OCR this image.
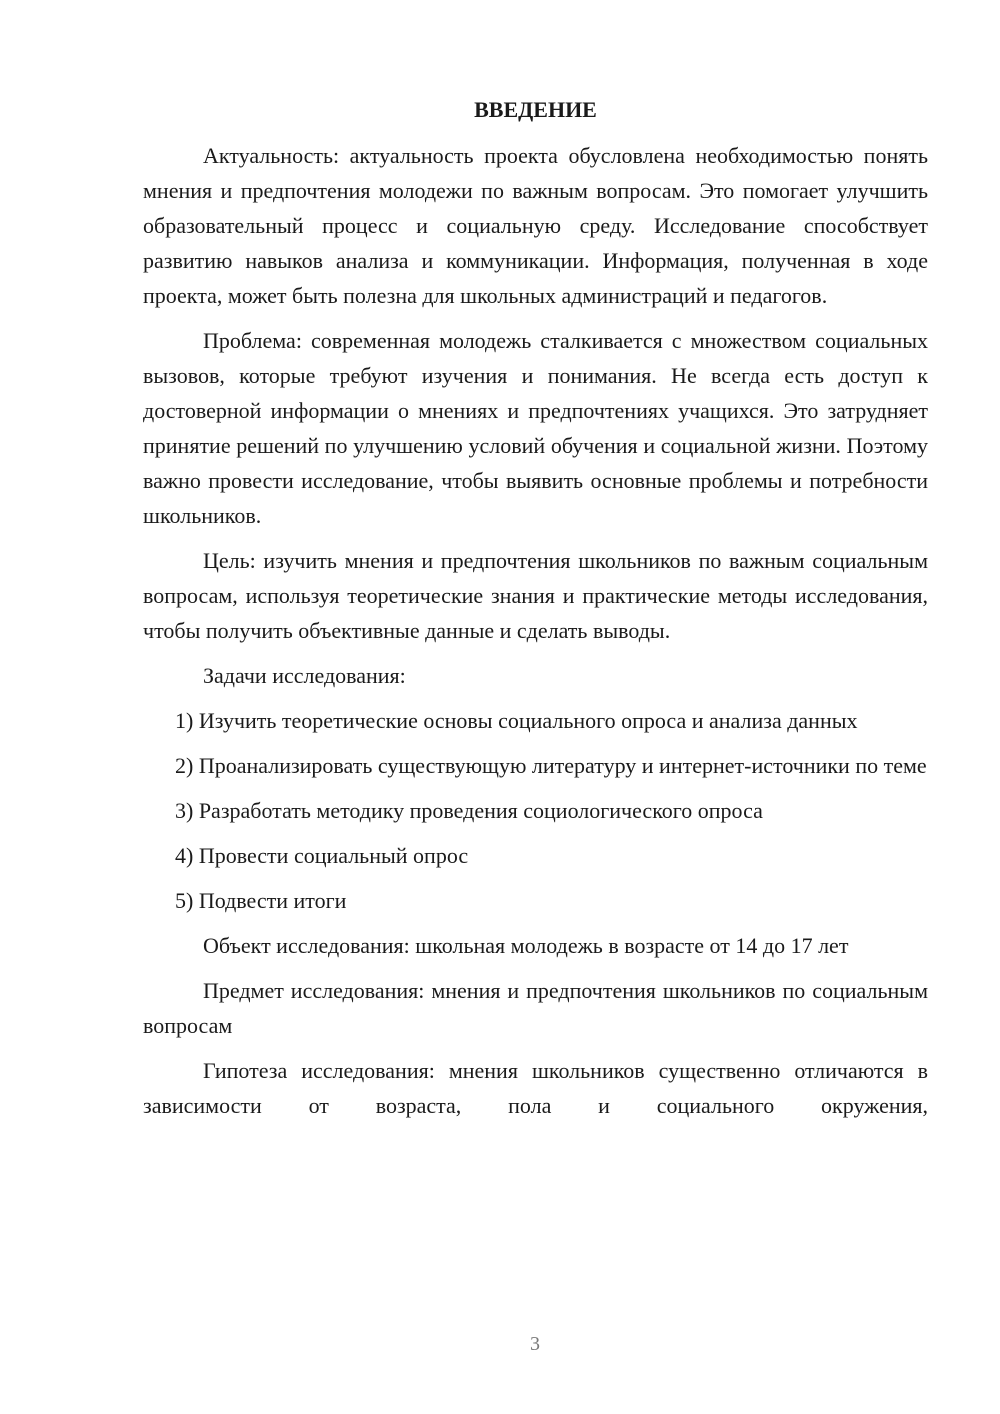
ВВЕДЕНИЕ

Актуальность: актуальность проекта обусловлена необходимостью понять мнения и предпочтения молодежи по важным вопросам. Это помогает улучшить образовательный процесс и социальную среду. Исследование способствует развитию навыков анализа и коммуникации. Информация, полученная в ходе проекта, может быть полезна для школьных администраций и педагогов.

Проблема: современная молодежь сталкивается с множеством социальных вызовов, которые требуют изучения и понимания. Не всегда есть доступ к достоверной информации о мнениях и предпочтениях учащихся. Это затрудняет принятие решений по улучшению условий обучения и социальной жизни. Поэтому важно провести исследование, чтобы выявить основные проблемы и потребности школьников.

Цель: изучить мнения и предпочтения школьников по важным социальным вопросам, используя теоретические знания и практические методы исследования, чтобы получить объективные данные и сделать выводы.

Задачи исследования:

1) Изучить теоретические основы социального опроса и анализа данных

2) Проанализировать существующую литературу и интернет-источники по теме

3) Разработать методику проведения социологического опроса

4) Провести социальный опрос

5) Подвести итоги

Объект исследования: школьная молодежь в возрасте от 14 до 17 лет

Предмет исследования: мнения и предпочтения школьников по социальным вопросам

Гипотеза исследования: мнения школьников существенно отличаются в зависимости от возраста, пола и социального окружения,

3
